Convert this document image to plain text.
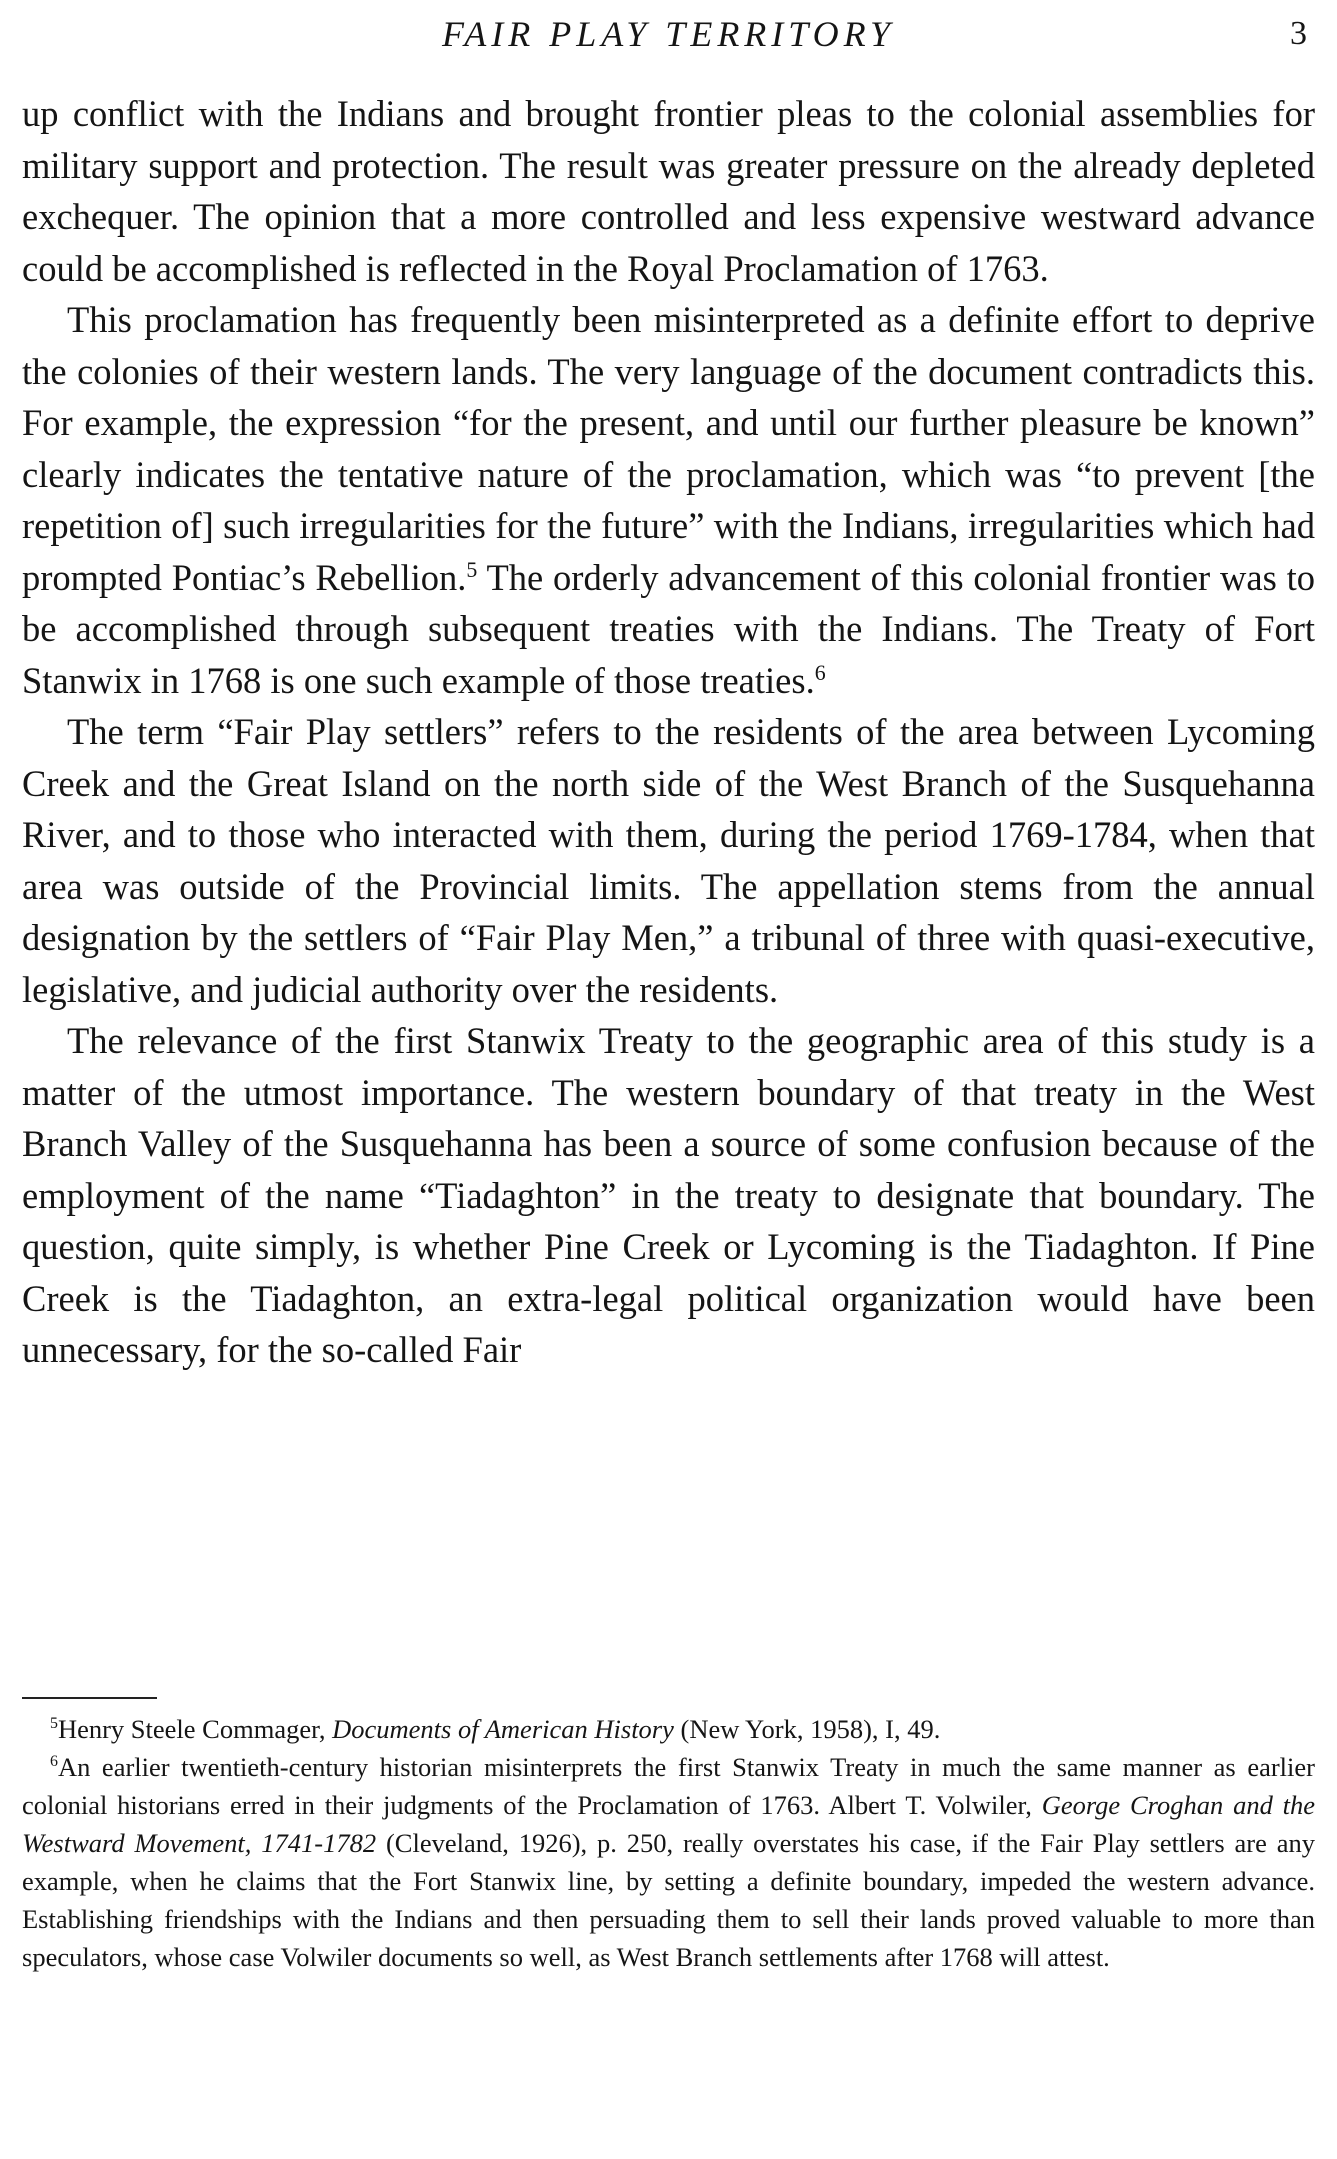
FAIR PLAY TERRITORY	3

up conflict with the Indians and brought frontier pleas to the colonial assemblies for military support and protection. The result was greater pressure on the already depleted exchequer. The opinion that a more controlled and less expensive westward advance could be accomplished is reflected in the Royal Proclamation of 1763.

This proclamation has frequently been misinterpreted as a definite effort to deprive the colonies of their western lands. The very language of the document contradicts this. For example, the expression “for the present, and until our further pleasure be known” clearly indicates the tentative nature of the proclamation, which was “to prevent [the repetition of] such irregularities for the future” with the Indians, irregularities which had prompted Pontiac’s Rebellion.$^5$ The orderly advancement of this colonial frontier was to be accomplished through subsequent treaties with the Indians. The Treaty of Fort Stanwix in 1768 is one such example of those treaties.$^6$

The term “Fair Play settlers” refers to the residents of the area between Lycoming Creek and the Great Island on the north side of the West Branch of the Susquehanna River, and to those who interacted with them, during the period 1769-1784, when that area was outside of the Provincial limits. The appellation stems from the annual designation by the settlers of “Fair Play Men,” a tribunal of three with quasi-executive, legislative, and judicial authority over the residents.

The relevance of the first Stanwix Treaty to the geographic area of this study is a matter of the utmost importance. The western boundary of that treaty in the West Branch Valley of the Susquehanna has been a source of some confusion because of the employment of the name “Tiadaghton” in the treaty to designate that boundary. The question, quite simply, is whether Pine Creek or Lycoming is the Tiadaghton. If Pine Creek is the Tiadaghton, an extra-legal political organization would have been unnecessary, for the so-called Fair

$^5$Henry Steele Commager, Documents of American History (New York, 1958), I, 49.

$^6$An earlier twentieth-century historian misinterprets the first Stanwix Treaty in much the same manner as earlier colonial historians erred in their judgments of the Proclamation of 1763. Albert T. Volwiler, George Croghan and the Westward Movement, 1741-1782 (Cleveland, 1926), p. 250, really overstates his case, if the Fair Play settlers are any example, when he claims that the Fort Stanwix line, by setting a definite boundary, impeded the western advance. Establishing friendships with the Indians and then persuading them to sell their lands proved valuable to more than speculators, whose case Volwiler documents so well, as West Branch settlements after 1768 will attest.
